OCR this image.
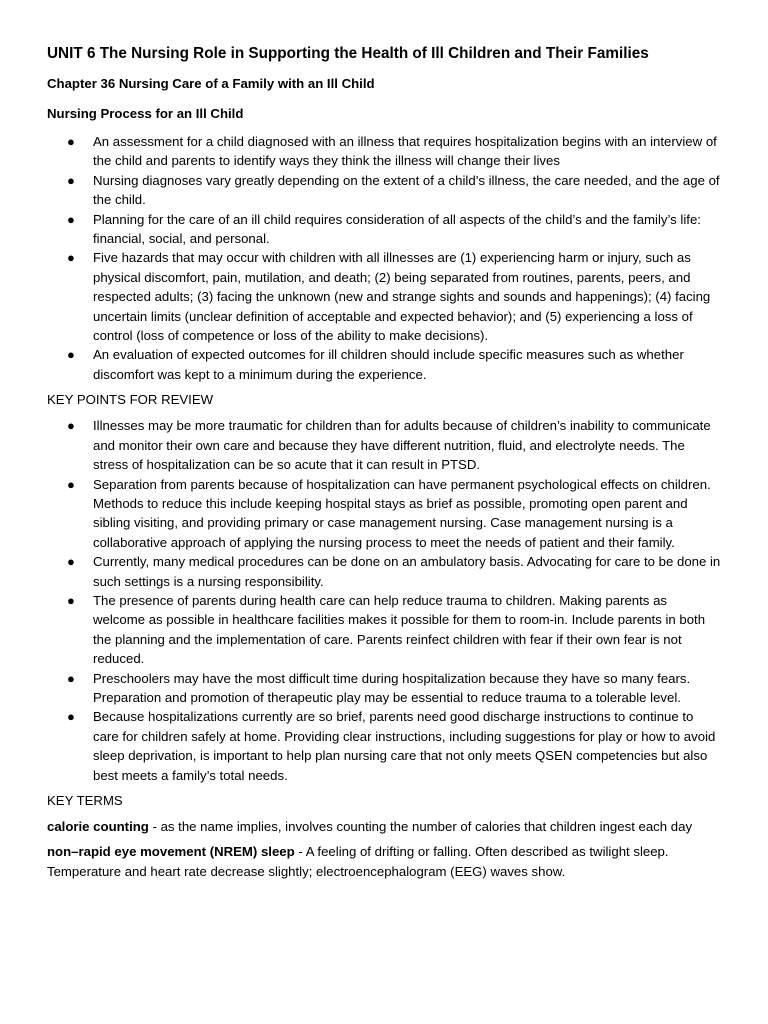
UNIT 6 The Nursing Role in Supporting the Health of Ill Children and Their Families
Chapter 36 Nursing Care of a Family with an Ill Child
Nursing Process for an Ill Child
● An assessment for a child diagnosed with an illness that requires hospitalization begins with an interview of the child and parents to identify ways they think the illness will change their lives
● Nursing diagnoses vary greatly depending on the extent of a child’s illness, the care needed, and the age of the child.
● Planning for the care of an ill child requires consideration of all aspects of the child’s and the family’s life: financial, social, and personal.
● Five hazards that may occur with children with all illnesses are (1) experiencing harm or injury, such as physical discomfort, pain, mutilation, and death; (2) being separated from routines, parents, peers, and respected adults; (3) facing the unknown (new and strange sights and sounds and happenings); (4) facing uncertain limits (unclear definition of acceptable and expected behavior); and (5) experiencing a loss of control (loss of competence or loss of the ability to make decisions).
● An evaluation of expected outcomes for ill children should include specific measures such as whether discomfort was kept to a minimum during the experience.

KEY POINTS FOR REVIEW

● Illnesses may be more traumatic for children than for adults because of children’s inability to communicate and monitor their own care and because they have different nutrition, fluid, and electrolyte needs. The stress of hospitalization can be so acute that it can result in PTSD.
● Separation from parents because of hospitalization can have permanent psychological effects on children. Methods to reduce this include keeping hospital stays as brief as possible, promoting open parent and sibling visiting, and providing primary or case management nursing. Case management nursing is a collaborative approach of applying the nursing process to meet the needs of patient and their family.
● Currently, many medical procedures can be done on an ambulatory basis. Advocating for care to be done in such settings is a nursing responsibility.
● The presence of parents during health care can help reduce trauma to children. Making parents as welcome as possible in healthcare facilities makes it possible for them to room-in. Include parents in both the planning and the implementation of care. Parents reinfect children with fear if their own fear is not reduced.
● Preschoolers may have the most difficult time during hospitalization because they have so many fears. Preparation and promotion of therapeutic play may be essential to reduce trauma to a tolerable level.
● Because hospitalizations currently are so brief, parents need good discharge instructions to continue to care for children safely at home. Providing clear instructions, including suggestions for play or how to avoid sleep deprivation, is important to help plan nursing care that not only meets QSEN competencies but also best meets a family’s total needs.

KEY TERMS

calorie counting - as the name implies, involves counting the number of calories that children ingest each day

non–rapid eye movement (NREM) sleep - A feeling of drifting or falling. Often described as twilight sleep. Temperature and heart rate decrease slightly; electroencephalogram (EEG) waves show.
